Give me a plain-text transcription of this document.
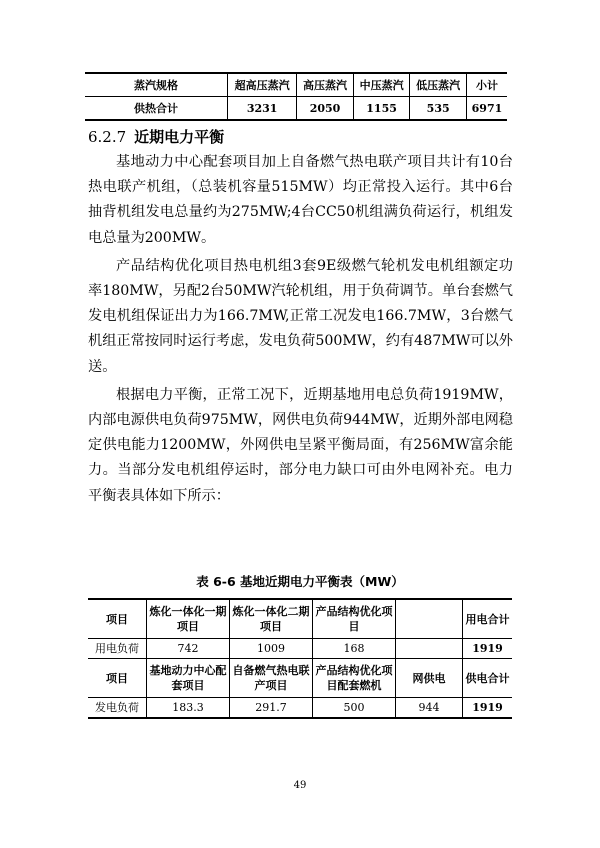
蒸汽规格	超高压蒸汽	高压蒸汽	中压蒸汽	低压蒸汽	小计
供热合计	3231	2050	1155	535	6971
6.2.7 近期电力平衡

基地动力中心配套项目加上自备燃气热电联产项目共计有10台热电联产机组，（总装机容量515MW）均正常投入运行。其中6台抽背机组发电总量约为275MW;4台CC50机组满负荷运行，机组发电总量为200MW。

产品结构优化项目热电机组3套9E级燃气轮机发电机组额定功率180MW，另配2台50MW汽轮机组，用于负荷调节。单台套燃气发电机组保证出力为166.7MW,正常工况发电166.7MW，3台燃气机组正常按同时运行考虑，发电负荷500MW，约有487MW可以外送。

根据电力平衡，正常工况下，近期基地用电总负荷1919MW，内部电源供电负荷975MW，网供电负荷944MW，近期外部电网稳定供电能力1200MW，外网供电呈紧平衡局面，有256MW富余能力。当部分发电机组停运时，部分电力缺口可由外电网补充。电力平衡表具体如下所示：

表 6-6 基地近期电力平衡表（MW）
项目	炼化一体化一期项目	炼化一体化二期项目	产品结构优化项目		用电合计
用电负荷	742	1009	168		1919
项目	基地动力中心配套项目	自备燃气热电联产项目	产品结构优化项目配套燃机	网供电	供电合计
发电负荷	183.3	291.7	500	944	1919
49
